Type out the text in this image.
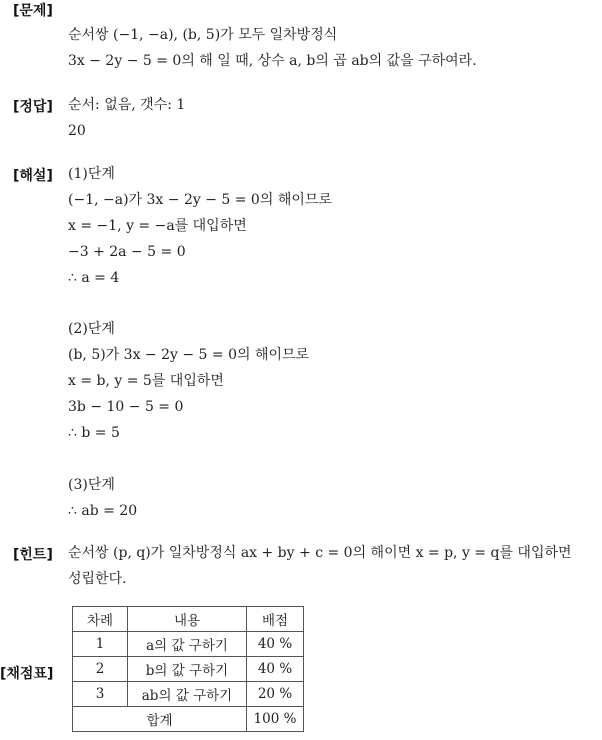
[문제]
[정답]
[해설]
[힌트]
[채점표]
순서쌍 (−1, −a), (b, 5)가 모두 일차방정식
3x − 2y − 5 = 0의 해 일 때, 상수 a, b의 곱 ab의 값을 구하여라.
순서: 없음, 갯수: 1
20
(1)단계
(−1, −a)가 3x − 2y − 5 = 0의 해이므로
x = −1, y = −a를 대입하면
−3 + 2a − 5 = 0
∴ a = 4
(2)단계
(b, 5)가 3x − 2y − 5 = 0의 해이므로
x = b, y = 5를 대입하면
3b − 10 − 5 = 0
∴ b = 5
(3)단계
∴ ab = 20
순서쌍 (p, q)가 일차방정식 ax + by + c = 0의 해이면 x = p, y = q를 대입하면
성립한다.
차례	내용	배점
1	a의 값 구하기	40 %
2	b의 값 구하기	40 %
3	ab의 값 구하기	20 %
합계		100 %
